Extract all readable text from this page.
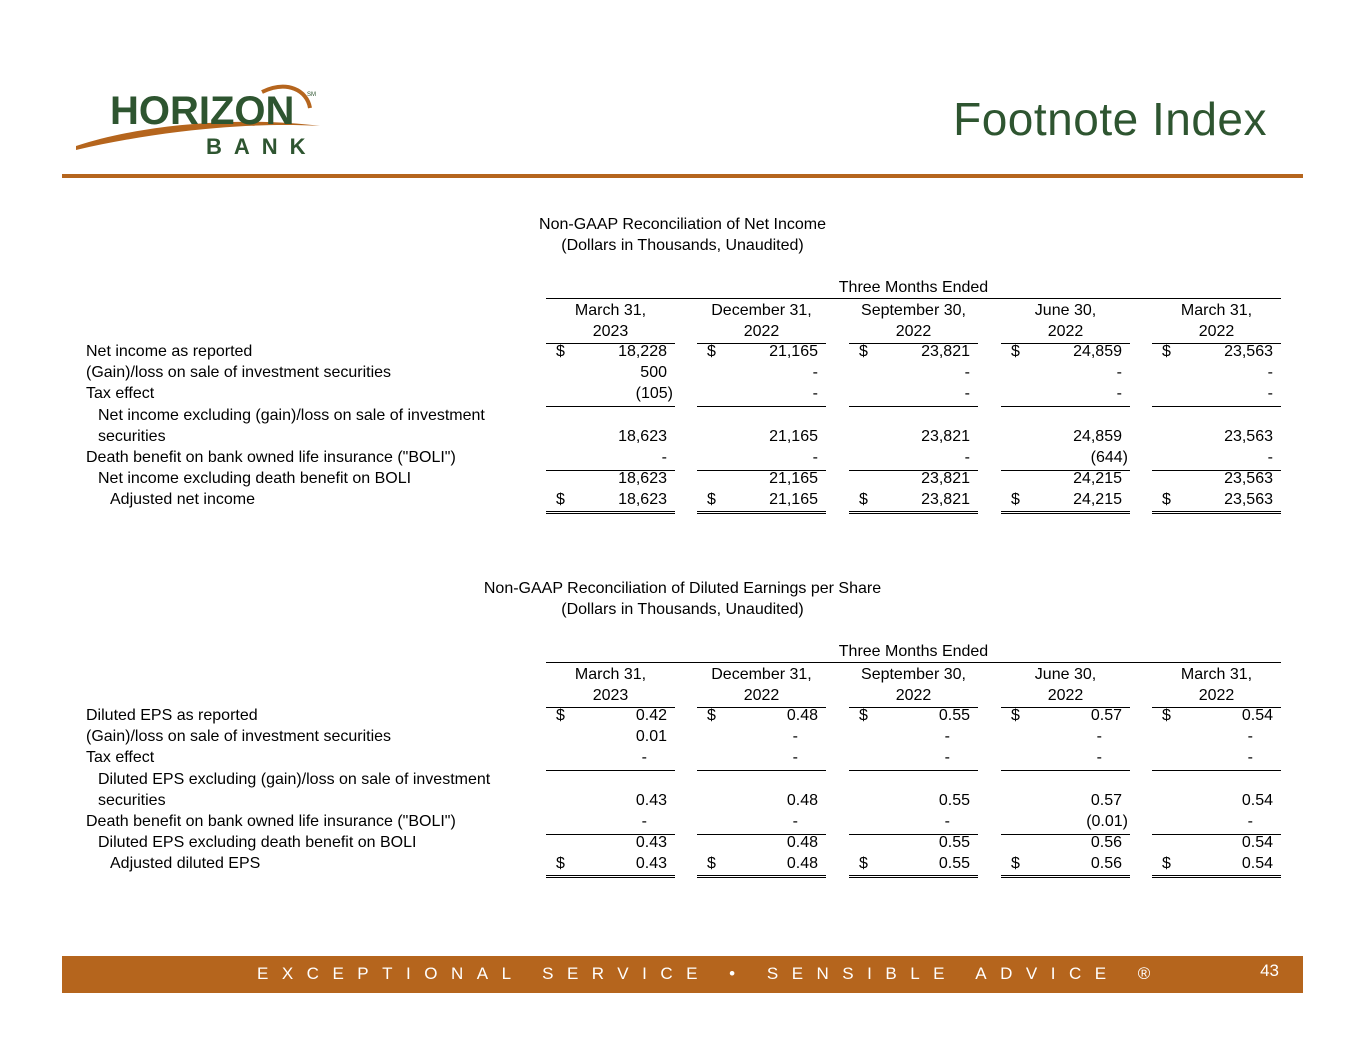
HORIZON SM
BANK
Footnote Index
Non-GAAP Reconciliation of Net Income
(Dollars in Thousands, Unaudited)
Three Months Ended
March 31,
2023
December 31,
2022
September 30,
2022
June 30,
2022
March 31,
2022
Net income as reported	$	18,228	$	21,165	$	23,821	$	24,859	$	23,563
(Gain)/loss on sale of investment securities	500	-	-	-	-
Tax effect	(105)	-	-	-	-
Net income excluding (gain)/loss on sale of investment
securities	18,623	21,165	23,821	24,859	23,563
Death benefit on bank owned life insurance ("BOLI")	-	-	-	(644)	-
Net income excluding death benefit on BOLI	18,623	21,165	23,821	24,215	23,563
Adjusted net income	$	18,623	$	21,165	$	23,821	$	24,215	$	23,563
Non-GAAP Reconciliation of Diluted Earnings per Share
(Dollars in Thousands, Unaudited)
Three Months Ended
March 31,
2023
December 31,
2022
September 30,
2022
June 30,
2022
March 31,
2022
Diluted EPS as reported	$	0.42	$	0.48	$	0.55	$	0.57	$	0.54
(Gain)/loss on sale of investment securities	0.01	-	-	-	-
Tax effect	-	-	-	-	-
Diluted EPS excluding (gain)/loss on sale of investment
securities	0.43	0.48	0.55	0.57	0.54
Death benefit on bank owned life insurance ("BOLI")	-	-	-	(0.01)	-
Diluted EPS excluding death benefit on BOLI	0.43	0.48	0.55	0.56	0.54
Adjusted diluted EPS	$	0.43	$	0.48	$	0.55	$	0.56	$	0.54
EXCEPTIONAL SERVICE • SENSIBLE ADVICE ®	43
